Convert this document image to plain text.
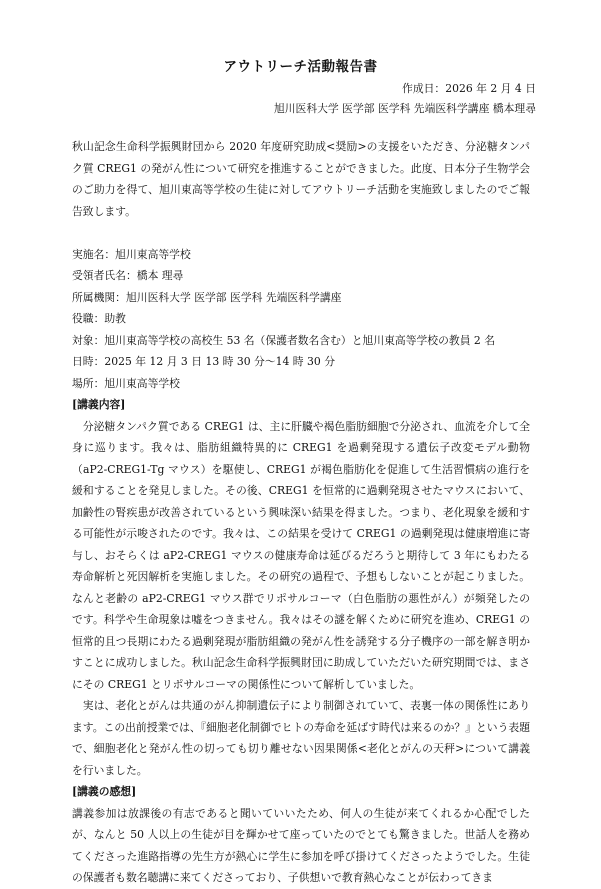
アウトリーチ活動報告書
作成日：2026 年 2 月 4 日
旭川医科大学 医学部 医学科 先端医科学講座 橋本理尋

秋山記念生命科学振興財団から 2020 年度研究助成<奨励>の支援をいただき、分泌糖タンパク質 CREG1 の発がん性について研究を推進することができました。此度、日本分子生物学会のご助力を得て、旭川東高等学校の生徒に対してアウトリーチ活動を実施致しましたのでご報告致します。

実施名：旭川東高等学校

受領者氏名：橋本 理尋

所属機関：旭川医科大学 医学部 医学科 先端医科学講座

役職：助教

対象：旭川東高等学校の高校生 53 名（保護者数名含む）と旭川東高等学校の教員 2 名

日時：2025 年 12 月 3 日 13 時 30 分～14 時 30 分

場所：旭川東高等学校

[講義内容]

分泌糖タンパク質である CREG1 は、主に肝臓や褐色脂肪細胞で分泌され、血流を介して全身に巡ります。我々は、脂肪組織特異的に CREG1 を過剰発現する遺伝子改変モデル動物（aP2-CREG1-Tg マウス）を駆使し、CREG1 が褐色脂肪化を促進して生活習慣病の進行を緩和することを発見しました。その後、CREG1 を恒常的に過剰発現させたマウスにおいて、加齢性の腎疾患が改善されているという興味深い結果を得ました。つまり、老化現象を緩和する可能性が示唆されたのです。我々は、この結果を受けて CREG1 の過剰発現は健康増進に寄与し、おそらくは aP2-CREG1 マウスの健康寿命は延びるだろうと期待して 3 年にもわたる寿命解析と死因解析を実施しました。その研究の過程で、予想もしないことが起こりました。なんと老齢の aP2-CREG1 マウス群でリポサルコーマ（白色脂肪の悪性がん）が頻発したのです。科学や生命現象は嘘をつきません。我々はその謎を解くために研究を進め、CREG1 の恒常的且つ長期にわたる過剰発現が脂肪組織の発がん性を誘発する分子機序の一部を解き明かすことに成功しました。秋山記念生命科学振興財団に助成していただいた研究期間では、まさにその CREG1 とリポサルコーマの関係性について解析していました。

実は、老化とがんは共通のがん抑制遺伝子により制御されていて、表裏一体の関係性にあります。この出前授業では、『細胞老化制御でヒトの寿命を延ばす時代は来るのか？』という表題で、細胞老化と発がん性の切っても切り離せない因果関係<老化とがんの天秤>について講義を行いました。

[講義の感想]

講義参加は放課後の有志であると聞いていいたため、何人の生徒が来てくれるか心配でしたが、なんと 50 人以上の生徒が目を輝かせて座っていたのでとても驚きました。世話人を務めてくださった進路指導の先生方が熱心に学生に参加を呼び掛けてくださったようでした。生徒の保護者も数名聴講に来てくださっており、子供想いで教育熱心なことが伝わってきま
